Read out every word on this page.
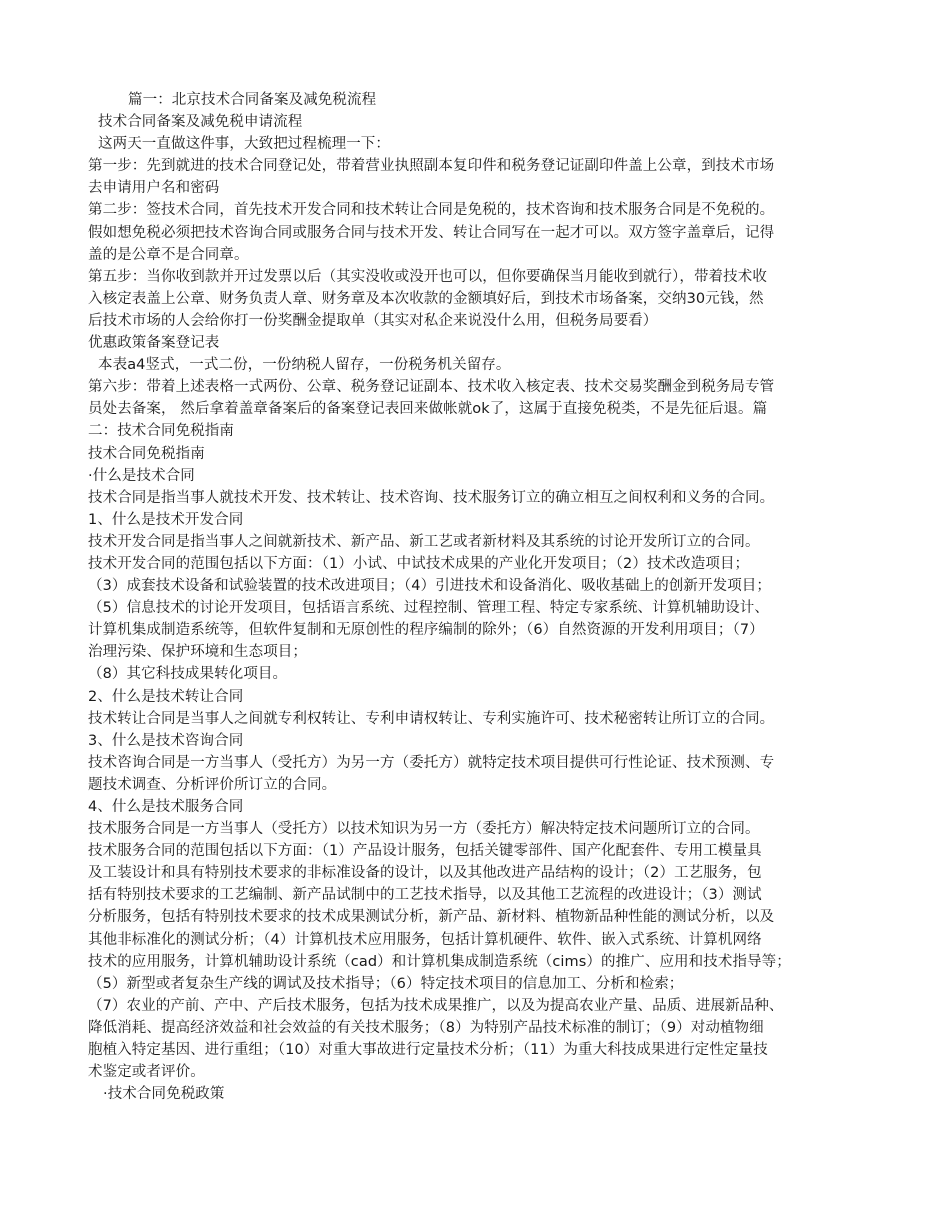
篇一：北京技术合同备案及减免税流程
技术合同备案及减免税申请流程
这两天一直做这件事，大致把过程梳理一下：
第一步：先到就进的技术合同登记处，带着营业执照副本复印件和税务登记证副印件盖上公章，到技术市场
去申请用户名和密码
第二步：签技术合同，首先技术开发合同和技术转让合同是免税的，技术咨询和技术服务合同是不免税的。
假如想免税必须把技术咨询合同或服务合同与技术开发、转让合同写在一起才可以。双方签字盖章后，记得
盖的是公章不是合同章。
第五步：当你收到款并开过发票以后（其实没收或没开也可以，但你要确保当月能收到就行），带着技术收
入核定表盖上公章、财务负责人章、财务章及本次收款的金额填好后，到技术市场备案，交纳30元钱，然
后技术市场的人会给你打一份奖酬金提取单（其实对私企来说没什么用，但税务局要看）
优惠政策备案登记表
本表a4竖式，一式二份，一份纳税人留存，一份税务机关留存。
第六步：带着上述表格一式两份、公章、税务登记证副本、技术收入核定表、技术交易奖酬金到税务局专管
员处去备案， 然后拿着盖章备案后的备案登记表回来做帐就ok了，这属于直接免税类，不是先征后退。篇
二：技术合同免税指南
技术合同免税指南
·什么是技术合同
技术合同是指当事人就技术开发、技术转让、技术咨询、技术服务订立的确立相互之间权利和义务的合同。
1、什么是技术开发合同
技术开发合同是指当事人之间就新技术、新产品、新工艺或者新材料及其系统的讨论开发所订立的合同。
技术开发合同的范围包括以下方面：（1）小试、中试技术成果的产业化开发项目；（2）技术改造项目；
（3）成套技术设备和试验装置的技术改进项目；（4）引进技术和设备消化、吸收基础上的创新开发项目；
（5）信息技术的讨论开发项目，包括语言系统、过程控制、管理工程、特定专家系统、计算机辅助设计、
计算机集成制造系统等，但软件复制和无原创性的程序编制的除外；（6）自然资源的开发利用项目；（7）
治理污染、保护环境和生态项目；
（8）其它科技成果转化项目。
2、什么是技术转让合同
技术转让合同是当事人之间就专利权转让、专利申请权转让、专利实施许可、技术秘密转让所订立的合同。
3、什么是技术咨询合同
技术咨询合同是一方当事人（受托方）为另一方（委托方）就特定技术项目提供可行性论证、技术预测、专
题技术调查、分析评价所订立的合同。
4、什么是技术服务合同
技术服务合同是一方当事人（受托方）以技术知识为另一方（委托方）解决特定技术问题所订立的合同。
技术服务合同的范围包括以下方面：（1）产品设计服务，包括关键零部件、国产化配套件、专用工模量具
及工装设计和具有特别技术要求的非标准设备的设计，以及其他改进产品结构的设计；（2）工艺服务，包
括有特别技术要求的工艺编制、新产品试制中的工艺技术指导，以及其他工艺流程的改进设计；（3）测试
分析服务，包括有特别技术要求的技术成果测试分析，新产品、新材料、植物新品种性能的测试分析，以及
其他非标准化的测试分析；（4）计算机技术应用服务，包括计算机硬件、软件、嵌入式系统、计算机网络
技术的应用服务，计算机辅助设计系统（cad）和计算机集成制造系统（cims）的推广、应用和技术指导等；
（5）新型或者复杂生产线的调试及技术指导；（6）特定技术项目的信息加工、分析和检索；
（7）农业的产前、产中、产后技术服务，包括为技术成果推广，以及为提高农业产量、品质、进展新品种、
降低消耗、提高经济效益和社会效益的有关技术服务；（8）为特别产品技术标准的制订；（9）对动植物细
胞植入特定基因、进行重组；（10）对重大事故进行定量技术分析；（11）为重大科技成果进行定性定量技
术鉴定或者评价。
·技术合同免税政策
